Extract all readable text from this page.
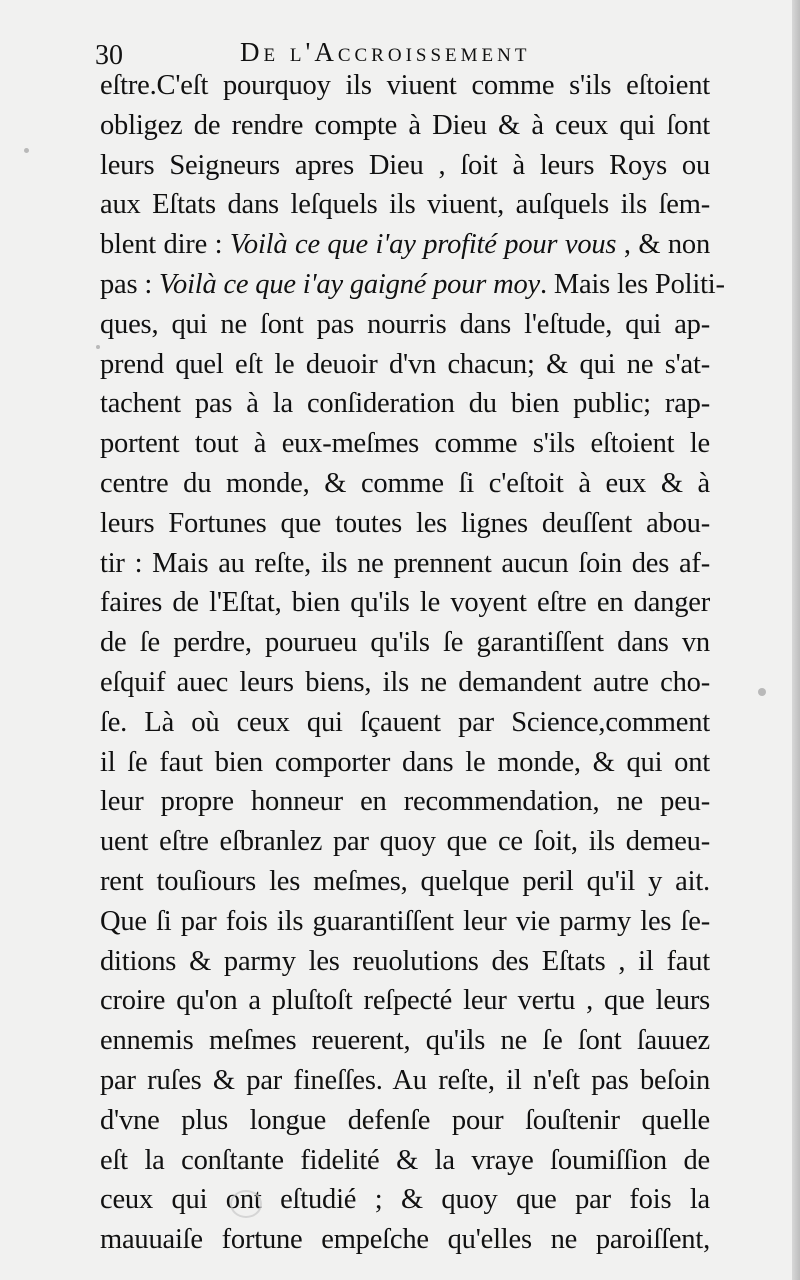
30	De l'Accroissement
eſtre.C'eſt pourquoy ils viuent comme s'ils eſtoient
obligez de rendre compte à Dieu & à ceux qui ſont
leurs Seigneurs apres Dieu , ſoit à leurs Roys ou
aux Eſtats dans leſquels ils viuent, auſquels ils ſem-
blent dire : Voilà ce que i'ay profité pour vous , & non
pas : Voilà ce que i'ay gaigné pour moy. Mais les Politi-
ques, qui ne ſont pas nourris dans l'eſtude, qui ap-
prend quel eſt le deuoir d'vn chacun; & qui ne s'at-
tachent pas à la conſideration du bien public; rap-
portent tout à eux-meſmes comme s'ils eſtoient le
centre du monde, & comme ſi c'eſtoit à eux & à
leurs Fortunes que toutes les lignes deuſſent abou-
tir : Mais au reſte, ils ne prennent aucun ſoin des af-
faires de l'Eſtat, bien qu'ils le voyent eſtre en danger
de ſe perdre, pourueu qu'ils ſe garantiſſent dans vn
eſquif auec leurs biens, ils ne demandent autre cho-
ſe. Là où ceux qui ſçauent par Science,comment
il ſe faut bien comporter dans le monde, & qui ont
leur propre honneur en recommendation, ne peu-
uent eſtre eſbranlez par quoy que ce ſoit, ils demeu-
rent touſiours les meſmes, quelque peril qu'il y ait.
Que ſi par fois ils guarantiſſent leur vie parmy les ſe-
ditions & parmy les reuolutions des Eſtats , il faut
croire qu'on a pluſtoſt reſpecté leur vertu , que leurs
ennemis meſmes reuerent, qu'ils ne ſe ſont ſauuez
par ruſes & par fineſſes. Au reſte, il n'eſt pas beſoin
d'vne plus longue defenſe pour ſouſtenir quelle
eſt la conſtante fidelité & la vraye ſoumiſſion de
ceux qui ont eſtudié ; & quoy que par fois la
mauuaiſe fortune empeſche qu'elles ne paroiſſent,
